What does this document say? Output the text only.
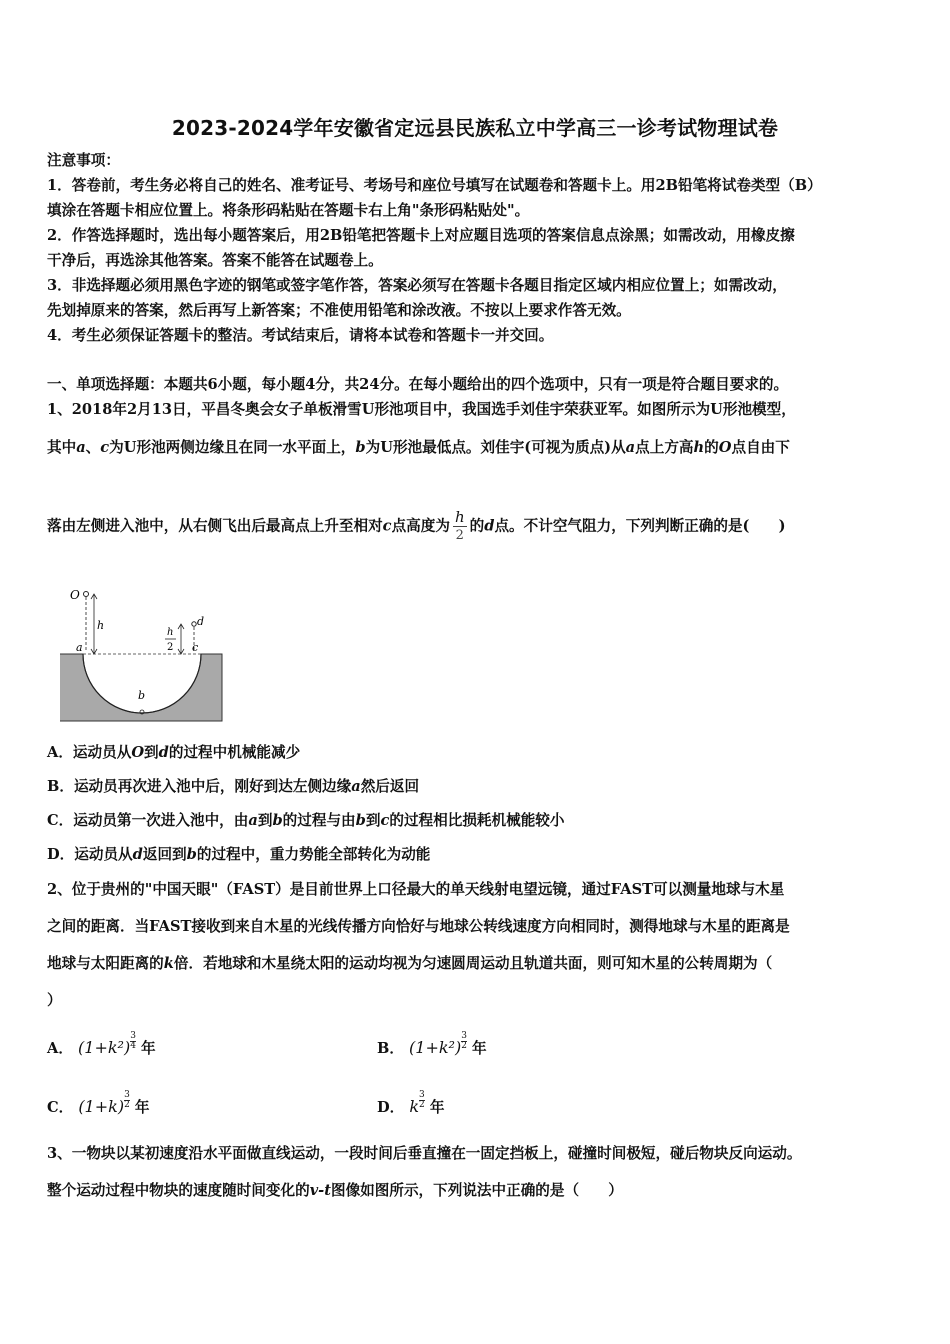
2023-2024学年安徽省定远县民族私立中学高三一诊考试物理试卷
注意事项：
1．答卷前，考生务必将自己的姓名、准考证号、考场号和座位号填写在试题卷和答题卡上。用2B铅笔将试卷类型（B）
填涂在答题卡相应位置上。将条形码粘贴在答题卡右上角"条形码粘贴处"。
2．作答选择题时，选出每小题答案后，用2B铅笔把答题卡上对应题目选项的答案信息点涂黑；如需改动，用橡皮擦
干净后，再选涂其他答案。答案不能答在试题卷上。
3．非选择题必须用黑色字迹的钢笔或签字笔作答，答案必须写在答题卡各题目指定区域内相应位置上；如需改动，
先划掉原来的答案，然后再写上新答案；不准使用铅笔和涂改液。不按以上要求作答无效。
4．考生必须保证答题卡的整洁。考试结束后，请将本试卷和答题卡一并交回。
一、单项选择题：本题共6小题，每小题4分，共24分。在每小题给出的四个选项中，只有一项是符合题目要求的。
1、2018年2月13日，平昌冬奥会女子单板滑雪U形池项目中，我国选手刘佳宇荣获亚军。如图所示为U形池模型，
其中a、c为U形池两侧边缘且在同一水平面上，b为U形池最低点。刘佳宇(可视为质点)从a点上方高h的O点自由下
落由左侧进入池中，从右侧飞出后最高点上升至相对c点高度为 $\frac{h}{2}$ 的d点。不计空气阻力，下列判断正确的是(　　)
O
h
h
2
d
a	c
b
A．运动员从O到d的过程中机械能减少
B．运动员再次进入池中后，刚好到达左侧边缘a然后返回
C．运动员第一次进入池中，由a到b的过程与由b到c的过程相比损耗机械能较小
D．运动员从d返回到b的过程中，重力势能全部转化为动能
2、位于贵州的"中国天眼"（FAST）是目前世界上口径最大的单天线射电望远镜，通过FAST可以测量地球与木星
之间的距离．当FAST接收到来自木星的光线传播方向恰好与地球公转线速度方向相同时，测得地球与木星的距离是
地球与太阳距离的k倍．若地球和木星绕太阳的运动均视为匀速圆周运动且轨道共面，则可知木星的公转周期为（
）
A． $(1+k^2) \frac{3}{4}$ 年	B． $(1+k^2) \frac{3}{2}$ 年
C． $(1+k) \frac{3}{2}$ 年	D． k $\frac{3}{2}$ 年
3、一物块以某初速度沿水平面做直线运动，一段时间后垂直撞在一固定挡板上，碰撞时间极短，碰后物块反向运动。
整个运动过程中物块的速度随时间变化的v-t图像如图所示，下列说法中正确的是（　　）
